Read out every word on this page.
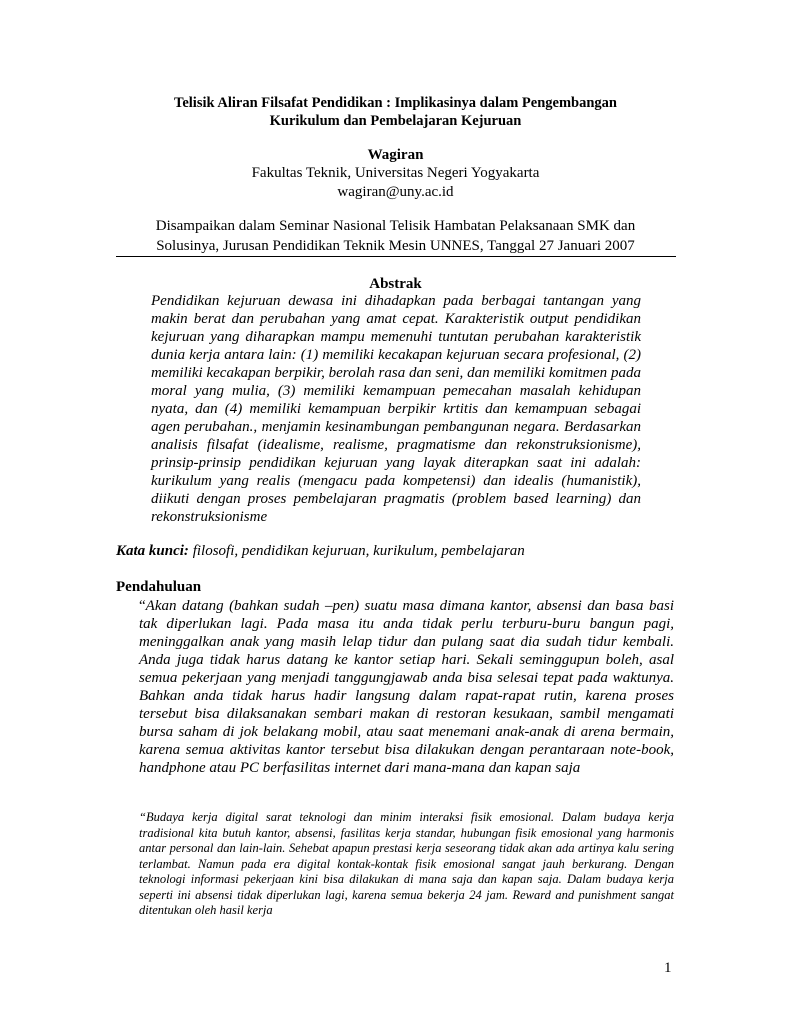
Telisik Aliran Filsafat Pendidikan : Implikasinya dalam Pengembangan
Kurikulum dan Pembelajaran Kejuruan
Wagiran
Fakultas Teknik, Universitas Negeri Yogyakarta
wagiran@uny.ac.id
Disampaikan dalam Seminar Nasional Telisik Hambatan Pelaksanaan SMK dan
Solusinya, Jurusan Pendidikan Teknik Mesin UNNES, Tanggal 27 Januari 2007
Abstrak
Pendidikan kejuruan dewasa ini dihadapkan pada berbagai tantangan yang makin berat dan perubahan yang amat cepat. Karakteristik output pendidikan kejuruan yang diharapkan mampu memenuhi tuntutan perubahan karakteristik dunia kerja antara lain: (1) memiliki kecakapan kejuruan secara profesional, (2) memiliki kecakapan berpikir, berolah rasa dan seni, dan memiliki komitmen pada moral yang mulia, (3) memiliki kemampuan pemecahan masalah kehidupan nyata, dan (4) memiliki kemampuan berpikir krtitis dan kemampuan sebagai agen perubahan., menjamin kesinambungan pembangunan negara. Berdasarkan analisis filsafat (idealisme, realisme, pragmatisme dan rekonstruksionisme), prinsip-prinsip pendidikan kejuruan yang layak diterapkan saat ini adalah: kurikulum yang realis (mengacu pada kompetensi) dan idealis (humanistik), diikuti dengan proses pembelajaran pragmatis (problem based learning) dan rekonstruksionisme
Kata kunci: filosofi, pendidikan kejuruan, kurikulum, pembelajaran
Pendahuluan
“Akan datang (bahkan sudah –pen) suatu masa dimana kantor, absensi dan basa basi tak diperlukan lagi. Pada masa itu anda tidak perlu terburu-buru bangun pagi, meninggalkan anak yang masih lelap tidur dan pulang saat dia sudah tidur kembali. Anda juga tidak harus datang ke kantor setiap hari. Sekali seminggupun boleh, asal semua pekerjaan yang menjadi tanggungjawab anda bisa selesai tepat pada waktunya. Bahkan anda tidak harus hadir langsung dalam rapat-rapat rutin, karena proses tersebut bisa dilaksanakan sembari makan di restoran kesukaan, sambil mengamati bursa saham di jok belakang mobil, atau saat menemani anak-anak di arena bermain, karena semua aktivitas kantor tersebut bisa dilakukan dengan perantaraan note-book, handphone atau PC berfasilitas internet dari mana-mana dan kapan saja
“Budaya kerja digital sarat teknologi dan minim interaksi fisik emosional. Dalam budaya kerja tradisional kita butuh kantor, absensi, fasilitas kerja standar, hubungan fisik emosional yang harmonis antar personal dan lain-lain. Sehebat apapun prestasi kerja seseorang tidak akan ada artinya kalu sering terlambat. Namun pada era digital kontak-kontak fisik emosional sangat jauh berkurang. Dengan teknologi informasi pekerjaan kini bisa dilakukan di mana saja dan kapan saja. Dalam budaya kerja seperti ini absensi tidak diperlukan lagi, karena semua bekerja 24 jam. Reward and punishment sangat ditentukan oleh hasil kerja
1
